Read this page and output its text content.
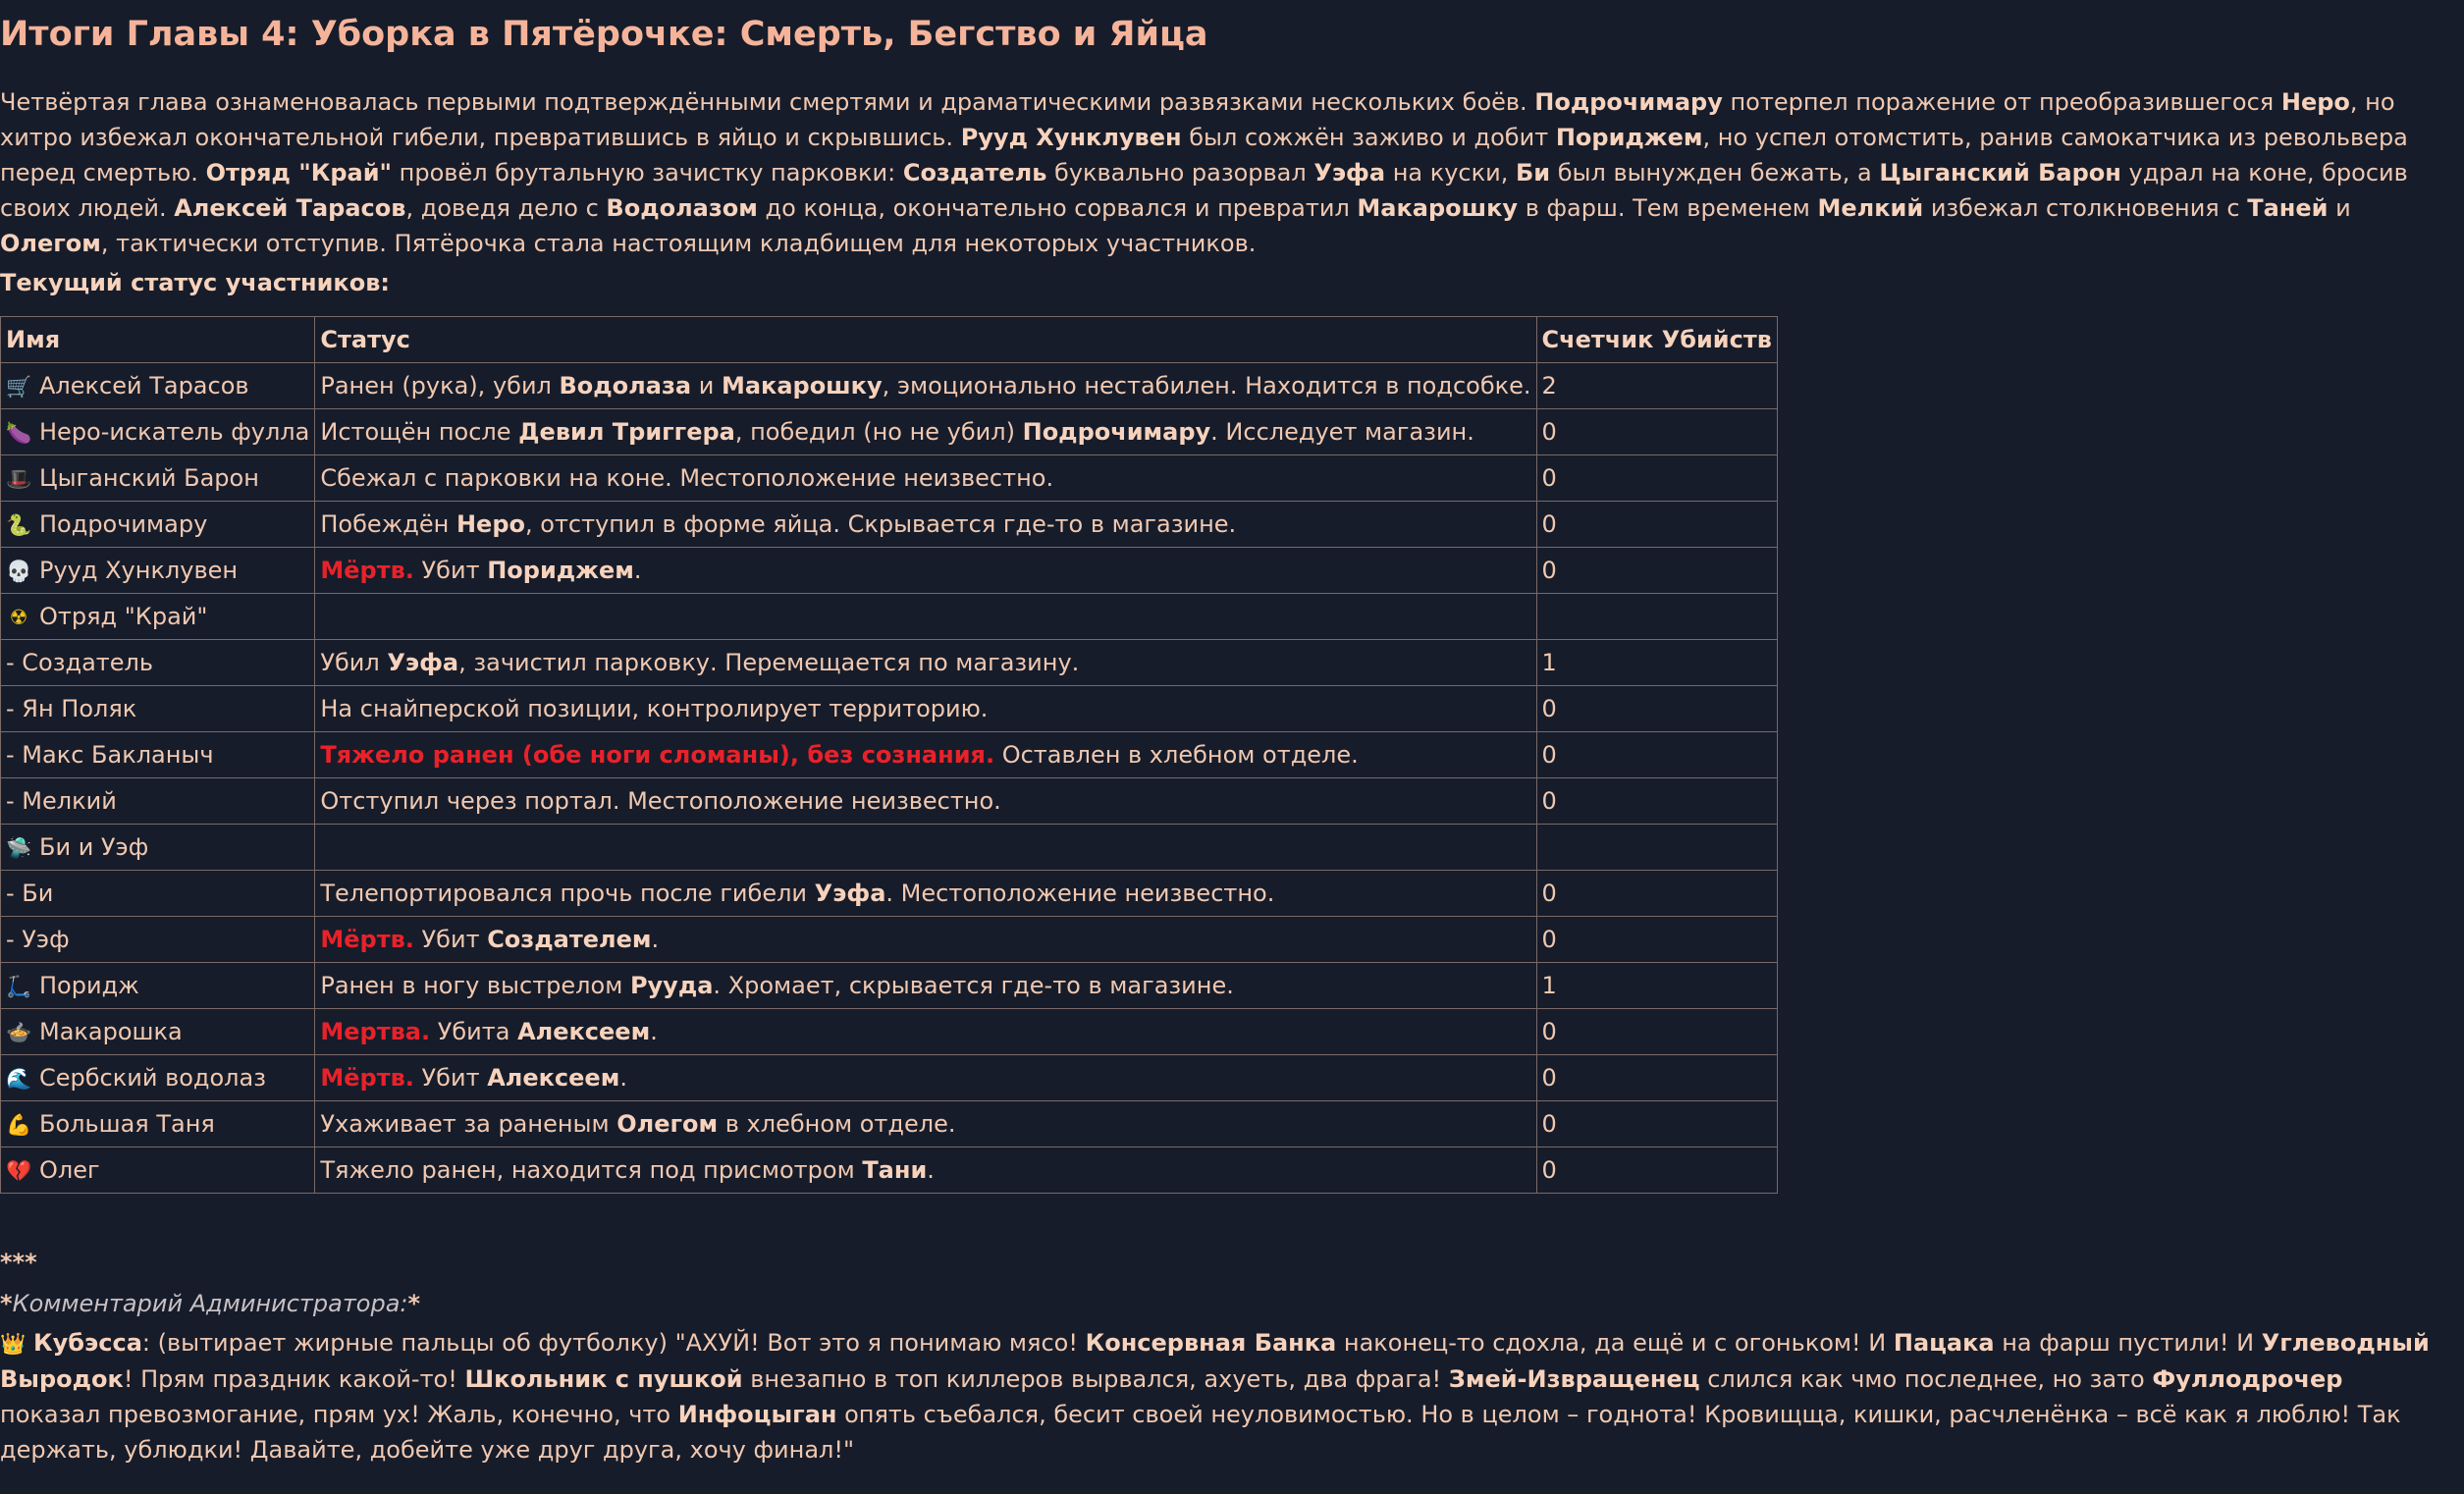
Итоги Главы 4: Уборка в Пятёрочке: Смерть, Бегство и Яйца

Четвёртая глава ознаменовалась первыми подтверждёнными смертями и драматическими развязками нескольких боёв. Подрочимару потерпел поражение от преобразившегося Неро, но хитро избежал окончательной гибели, превратившись в яйцо и скрывшись. Рууд Хунклувен был сожжён заживо и добит Пориджем, но успел отомстить, ранив самокатчика из револьвера перед смертью. Отряд "Край" провёл брутальную зачистку парковки: Создатель буквально разорвал Уэфа на куски, Би был вынужден бежать, а Цыганский Барон удрал на коне, бросив своих людей. Алексей Тарасов, доведя дело с Водолазом до конца, окончательно сорвался и превратил Макарошку в фарш. Тем временем Мелкий избежал столкновения с Таней и Олегом, тактически отступив. Пятёрочка стала настоящим кладбищем для некоторых участников.

Текущий статус участников:

Имя	Статус	Счетчик Убийств
🛒 Алексей Тарасов	Ранен (рука), убил Водолаза и Макарошку, эмоционально нестабилен. Находится в подсобке.	2
🍆 Неро-искатель фулла	Истощён после Девил Триггера, победил (но не убил) Подрочимару. Исследует магазин.	0
🎩 Цыганский Барон	Сбежал с парковки на коне. Местоположение неизвестно.	0
🐍 Подрочимару	Побеждён Неро, отступил в форме яйца. Скрывается где-то в магазине.	0
💀 Рууд Хунклувен	Мёртв. Убит Пориджем.	0
☢ Отряд "Край"		
- Создатель	Убил Уэфа, зачистил парковку. Перемещается по магазину.	1
- Ян Поляк	На снайперской позиции, контролирует территорию.	0
- Макс Бакланыч	Тяжело ранен (обе ноги сломаны), без сознания. Оставлен в хлебном отделе.	0
- Мелкий	Отступил через портал. Местоположение неизвестно.	0
🛸 Би и Уэф		
- Би	Телепортировался прочь после гибели Уэфа. Местоположение неизвестно.	0
- Уэф	Мёртв. Убит Создателем.	0
🛴 Поридж	Ранен в ногу выстрелом Рууда. Хромает, скрывается где-то в магазине.	1
🍲 Макарошка	Мертва. Убита Алексеем.	0
🌊 Сербский водолаз	Мёртв. Убит Алексеем.	0
💪 Большая Таня	Ухаживает за раненым Олегом в хлебном отделе.	0
💔 Олег	Тяжело ранен, находится под присмотром Тани.	0

***

*Комментарий Администратора:*

👑 Кубэсса: (вытирает жирные пальцы об футболку) "АХУЙ! Вот это я понимаю мясо! Консервная Банка наконец-то сдохла, да ещё и с огоньком! И Пацака на фарш пустили! И Углеводный Выродок! Прям праздник какой-то! Школьник с пушкой внезапно в топ киллеров вырвался, ахуеть, два фрага! Змей-Извращенец слился как чмо последнее, но зато Фуллодрочер показал превозмогание, прям ух! Жаль, конечно, что Инфоцыган опять съебался, бесит своей неуловимостью. Но в целом – годнота! Кровищща, кишки, расчленёнка – всё как я люблю! Так держать, ублюдки! Давайте, добейте уже друг друга, хочу финал!"
